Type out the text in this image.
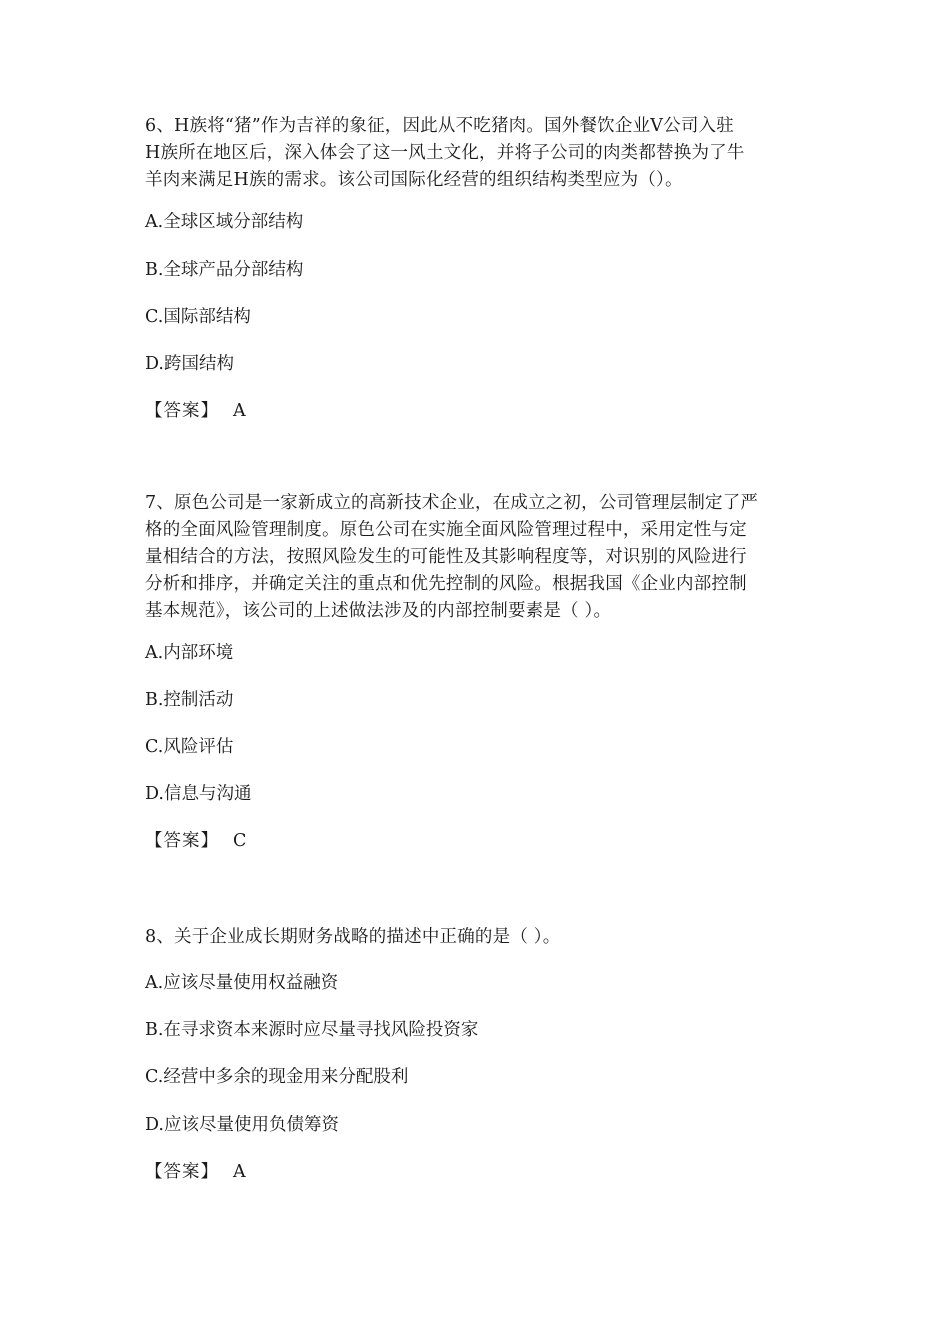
6、H族将“猪”作为吉祥的象征，因此从不吃猪肉。国外餐饮企业V公司入驻
H族所在地区后，深入体会了这一风土文化，并将子公司的肉类都替换为了牛
羊肉来满足H族的需求。该公司国际化经营的组织结构类型应为（）。

A.全球区域分部结构
B.全球产品分部结构
C.国际部结构
D.跨国结构
【答案】 A

7、原色公司是一家新成立的高新技术企业，在成立之初，公司管理层制定了严
格的全面风险管理制度。原色公司在实施全面风险管理过程中，采用定性与定
量相结合的方法，按照风险发生的可能性及其影响程度等，对识别的风险进行
分析和排序，并确定关注的重点和优先控制的风险。根据我国《企业内部控制
基本规范》，该公司的上述做法涉及的内部控制要素是（ ）。

A.内部环境
B.控制活动
C.风险评估
D.信息与沟通
【答案】 C

8、关于企业成长期财务战略的描述中正确的是（ ）。

A.应该尽量使用权益融资
B.在寻求资本来源时应尽量寻找风险投资家
C.经营中多余的现金用来分配股利
D.应该尽量使用负债筹资
【答案】 A
